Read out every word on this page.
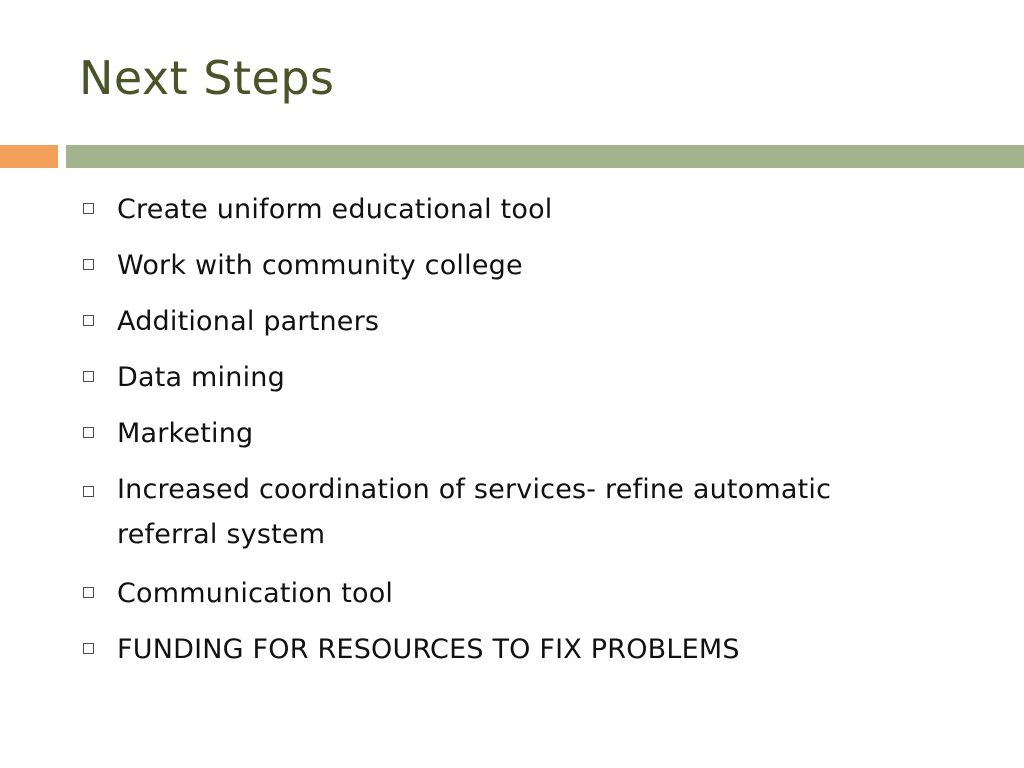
Next Steps
Create uniform educational tool
Work with community college
Additional partners
Data mining
Marketing
Increased coordination of services- refine automatic referral system
Communication tool
FUNDING FOR RESOURCES TO FIX PROBLEMS
